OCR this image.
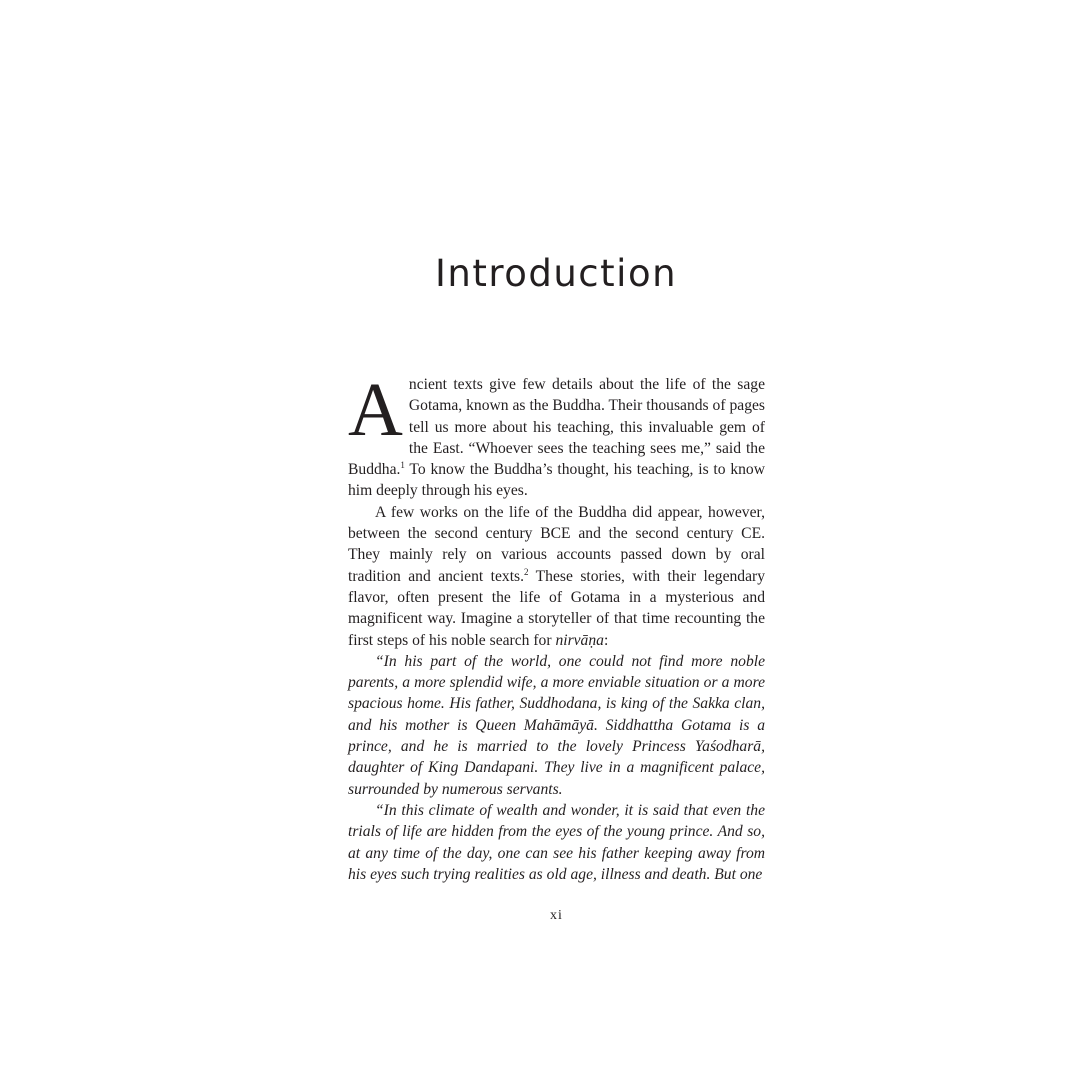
Introduction

Ancient texts give few details about the life of the sage Gotama, known as the Buddha. Their thousands of pages tell us more about his teaching, this invaluable gem of the East. “Whoever sees the teaching sees me,” said the Buddha.$^1$ To know the Buddha’s thought, his teaching, is to know him deeply through his eyes.

A few works on the life of the Buddha did appear, however, between the second century BCE and the second century CE. They mainly rely on various accounts passed down by oral tradition and ancient texts.$^2$ These stories, with their legendary flavor, often present the life of Gotama in a mysterious and magnificent way. Imagine a storyteller of that time recounting the first steps of his noble search for nirvāṇa:

“In his part of the world, one could not find more noble parents, a more splendid wife, a more enviable situation or a more spacious home. His father, Suddhodana, is king of the Sakka clan, and his mother is Queen Mahāmāyā. Siddhattha Gotama is a prince, and he is married to the lovely Princess Yaśodharā, daughter of King Dandapani. They live in a magnificent palace, surrounded by numerous servants.

“In this climate of wealth and wonder, it is said that even the trials of life are hidden from the eyes of the young prince. And so, at any time of the day, one can see his father keeping away from his eyes such trying realities as old age, illness and death. But one

xi
